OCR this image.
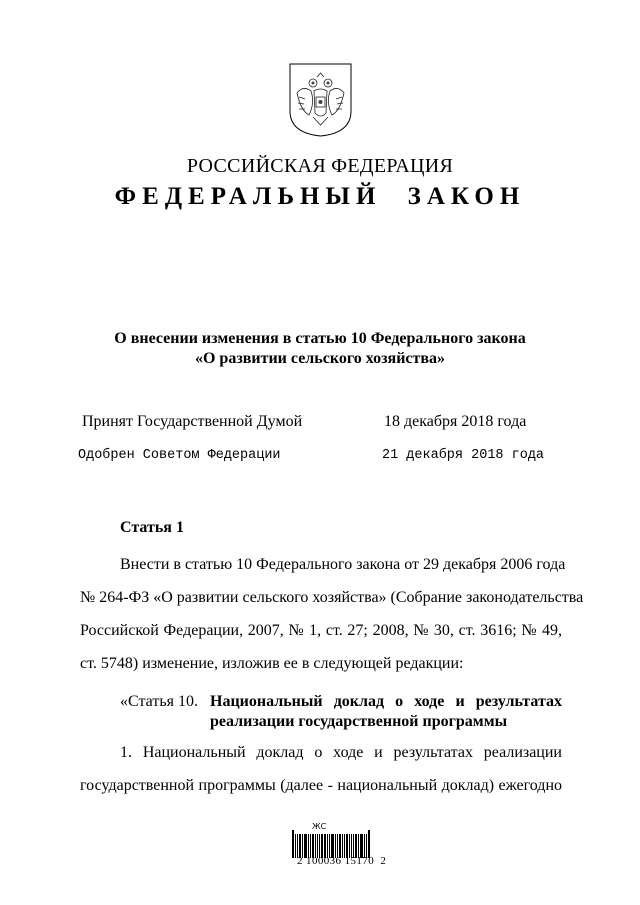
РОССИЙСКАЯ ФЕДЕРАЦИЯ
ФЕДЕРАЛЬНЫЙ ЗАКОН
О внесении изменения в статью 10 Федерального закона
«О развитии сельского хозяйства»
Принят Государственной Думой	18 декабря 2018 года
Одобрен Советом Федерации	21 декабря 2018 года
Статья 1
Внести в статью 10 Федерального закона от 29 декабря 2006 года
№ 264-ФЗ «О развитии сельского хозяйства» (Собрание законодательства
Российской Федерации, 2007, № 1, ст. 27; 2008, № 30, ст. 3616; № 49,
ст. 5748) изменение, изложив ее в следующей редакции:
«Статья 10. Национальный доклад о ходе и результатах
реализации государственной программы
1. Национальный доклад о ходе и результатах реализации
государственной программы (далее - национальный доклад) ежегодно
ЖC
2 100036 15170  2
